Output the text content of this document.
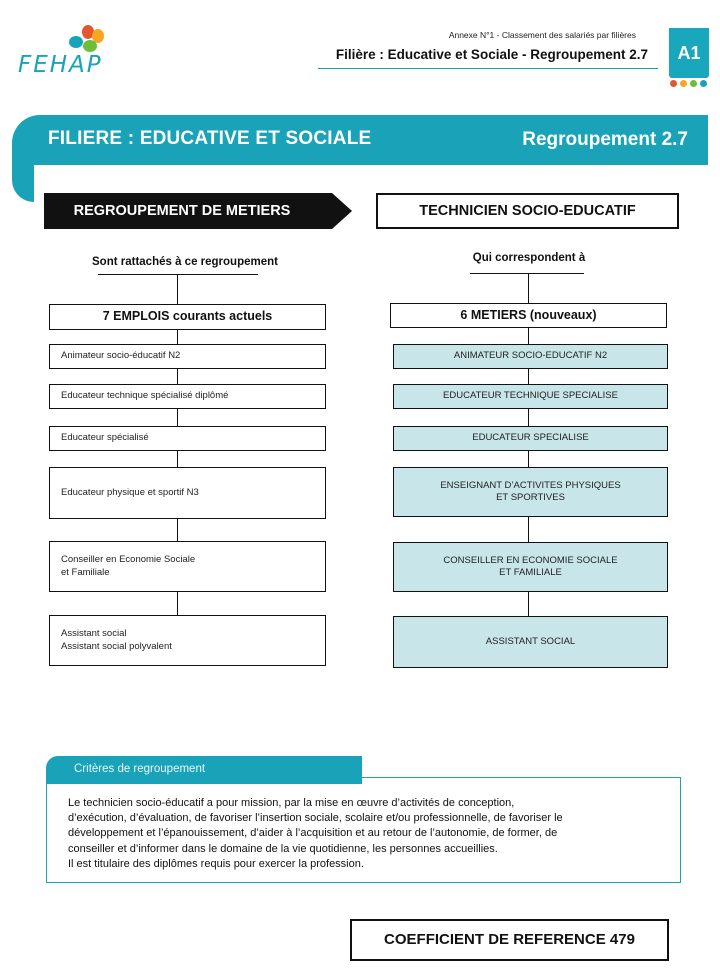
FEHAP
Annexe N°1 - Classement des salariés par filières
Filière : Educative et Sociale - Regroupement 2.7	A1
FILIERE : EDUCATIVE ET SOCIALE	Regroupement 2.7
REGROUPEMENT DE METIERS	TECHNICIEN SOCIO-EDUCATIF
Sont rattachés à ce regroupement	Qui correspondent à
7 EMPLOIS courants actuels
Animateur socio-éducatif N2
Educateur technique spécialisé diplômé
Educateur spécialisé
Educateur physique et sportif N3
Conseiller en Economie Sociale
et Familiale
Assistant social
Assistant social polyvalent
6 METIERS (nouveaux)
ANIMATEUR SOCIO-EDUCATIF N2
EDUCATEUR TECHNIQUE SPECIALISE
EDUCATEUR SPECIALISE
ENSEIGNANT D’ACTIVITES PHYSIQUES
ET SPORTIVES
CONSEILLER EN ECONOMIE SOCIALE
ET FAMILIALE
ASSISTANT SOCIAL
Critères de regroupement
Le technicien socio-éducatif a pour mission, par la mise en œuvre d’activités de conception,
d’exécution, d’évaluation, de favoriser l’insertion sociale, scolaire et/ou professionnelle, de favoriser le
développement et l’épanouissement, d’aider à l’acquisition et au retour de l’autonomie, de former, de
conseiller et d’informer dans le domaine de la vie quotidienne, les personnes accueillies.
Il est titulaire des diplômes requis pour exercer la profession.
COEFFICIENT DE REFERENCE 479
